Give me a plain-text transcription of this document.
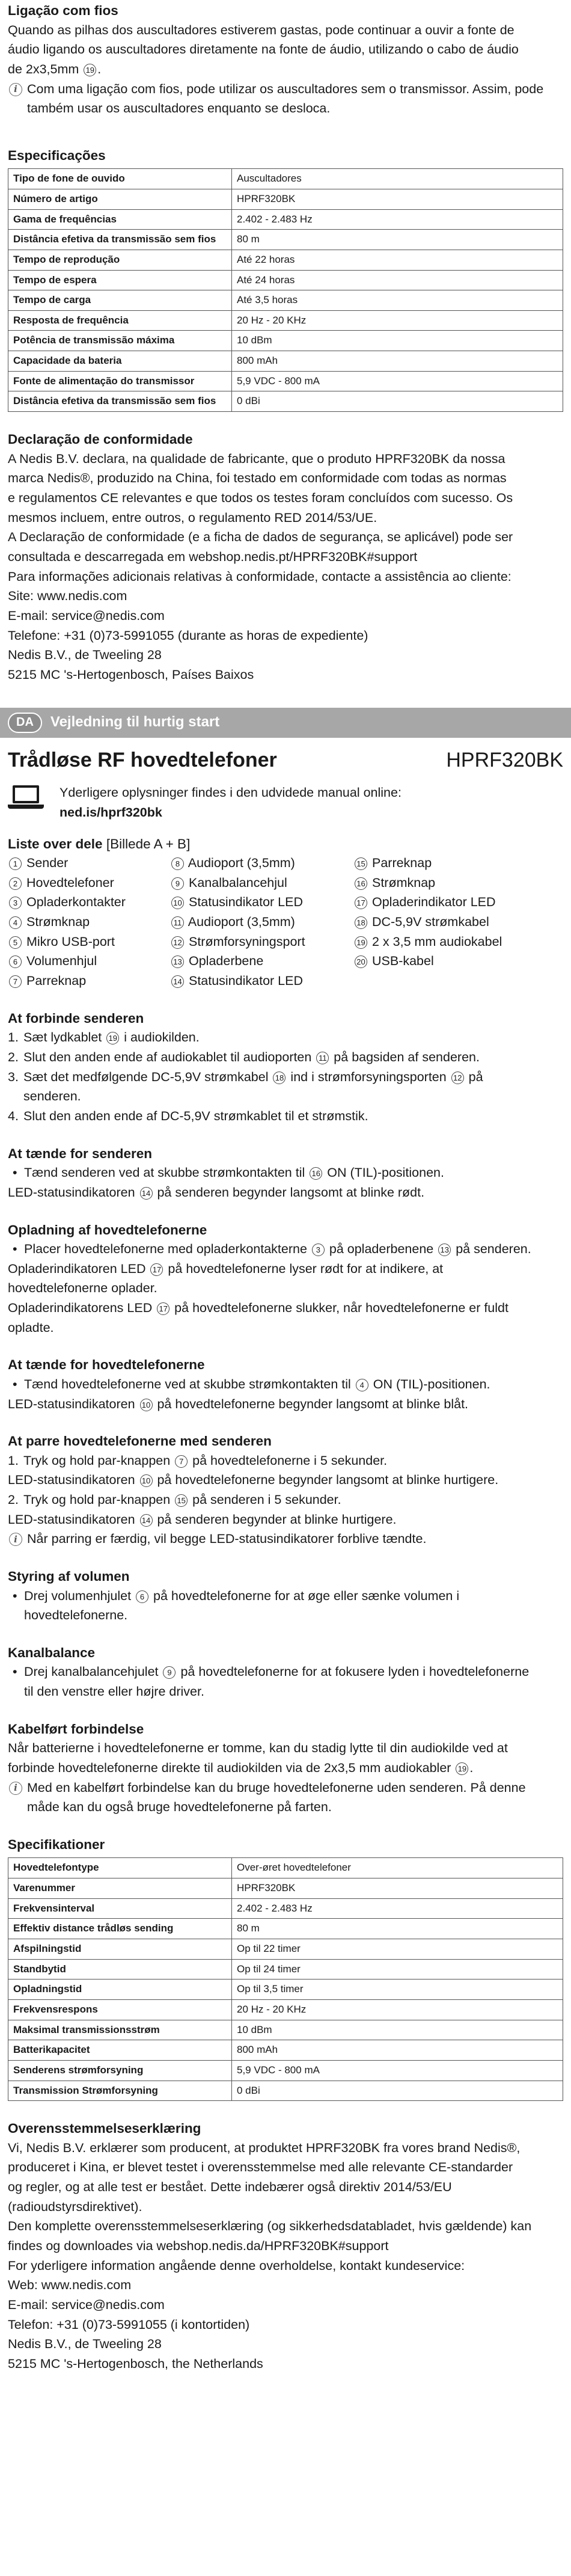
Ligação com fios

Quando as pilhas dos auscultadores estiverem gastas, pode continuar a ouvir a fonte de

áudio ligando os auscultadores diretamente na fonte de áudio, utilizando o cabo de áudio

de 2x3,5mm 19 .

i Com uma ligação com fios, pode utilizar os auscultadores sem o transmissor. Assim, pode

também usar os auscultadores enquanto se desloca.

Especificações
Tipo de fone de ouvido	Auscultadores
Número de artigo	HPRF320BK
Gama de frequências	2.402 - 2.483 Hz
Distância efetiva da transmissão sem fios	80 m
Tempo de reprodução	Até 22 horas
Tempo de espera	Até 24 horas
Tempo de carga	Até 3,5 horas
Resposta de frequência	20 Hz - 20 KHz
Potência de transmissão máxima	10 dBm
Capacidade da bateria	800 mAh
Fonte de alimentação do transmissor	5,9 VDC - 800 mA
Distância efetiva da transmissão sem fios	0 dBi
Declaração de conformidade

A Nedis B.V. declara, na qualidade de fabricante, que o produto HPRF320BK da nossa

marca Nedis®, produzido na China, foi testado em conformidade com todas as normas

e regulamentos CE relevantes e que todos os testes foram concluídos com sucesso. Os

mesmos incluem, entre outros, o regulamento RED 2014/53/UE.

A Declaração de conformidade (e a ficha de dados de segurança, se aplicável) pode ser

consultada e descarregada em webshop.nedis.pt/HPRF320BK#support

Para informações adicionais relativas à conformidade, contacte a assistência ao cliente:

Site: www.nedis.com

E-mail: service@nedis.com

Telefone: +31 (0)73-5991055 (durante as horas de expediente)

Nedis B.V., de Tweeling 28

5215 MC 's-Hertogenbosch, Países Baixos

DA	Vejledning til hurtig start
Trådløse RF hovedtelefoner	HPRF320BK

Yderligere oplysninger findes i den udvidede manual online:

ned.is/hprf320bk

Liste over dele [Billede A + B]
1 Sender	8 Audioport (3,5mm)	15 Parreknap
2 Hovedtelefoner	9 Kanalbalancehjul	16 Strømknap
3 Opladerkontakter	10 Statusindikator LED	17 Opladerindikator LED
4 Strømknap	11 Audioport (3,5mm)	18 DC-5,9V strømkabel
5 Mikro USB-port	12 Strømforsyningsport	19 2 x 3,5 mm audiokabel
6 Volumenhjul	13 Opladerbene	20 USB-kabel
7 Parreknap	14 Statusindikator LED
At forbinde senderen
1. Sæt lydkablet 19 i audiokilden.
2. Slut den anden ende af audiokablet til audioporten 11 på bagsiden af senderen.
3. Sæt det medfølgende DC-5,9V strømkabel 18 ind i strømforsyningsporten 12 på
senderen.
4. Slut den anden ende af DC-5,9V strømkablet til et strømstik.
At tænde for senderen
• Tænd senderen ved at skubbe strømkontakten til 16 ON (TIL)-positionen.

LED-statusindikatoren 14 på senderen begynder langsomt at blinke rødt.

Opladning af hovedtelefonerne
• Placer hovedtelefonerne med opladerkontakterne 3 på opladerbenene 13 på senderen.

Opladerindikatoren LED 17 på hovedtelefonerne lyser rødt for at indikere, at

hovedtelefonerne oplader.

Opladerindikatorens LED 17 på hovedtelefonerne slukker, når hovedtelefonerne er fuldt

opladte.

At tænde for hovedtelefonerne
• Tænd hovedtelefonerne ved at skubbe strømkontakten til 4 ON (TIL)-positionen.

LED-statusindikatoren 10 på hovedtelefonerne begynder langsomt at blinke blåt.

At parre hovedtelefonerne med senderen
1. Tryk og hold par-knappen 7 på hovedtelefonerne i 5 sekunder.

LED-statusindikatoren 10 på hovedtelefonerne begynder langsomt at blinke hurtigere.

2. Tryk og hold par-knappen 15 på senderen i 5 sekunder.

LED-statusindikatoren 14 på senderen begynder at blinke hurtigere.

i Når parring er færdig, vil begge LED-statusindikatorer forblive tændte.

Styring af volumen
• Drej volumenhjulet 6 på hovedtelefonerne for at øge eller sænke volumen i
hovedtelefonerne.
Kanalbalance
• Drej kanalbalancehjulet 9 på hovedtelefonerne for at fokusere lyden i hovedtelefonerne
til den venstre eller højre driver.
Kabelført forbindelse

Når batterierne i hovedtelefonerne er tomme, kan du stadig lytte til din audiokilde ved at

forbinde hovedtelefonerne direkte til audiokilden via de 2x3,5 mm audiokabler 19 .

i Med en kabelført forbindelse kan du bruge hovedtelefonerne uden senderen. På denne

måde kan du også bruge hovedtelefonerne på farten.

Specifikationer
Hovedtelefontype	Over-øret hovedtelefoner
Varenummer	HPRF320BK
Frekvensinterval	2.402 - 2.483 Hz
Effektiv distance trådløs sending	80 m
Afspilningstid	Op til 22 timer
Standbytid	Op til 24 timer
Opladningstid	Op til 3,5 timer
Frekvensrespons	20 Hz - 20 KHz
Maksimal transmissionsstrøm	10 dBm
Batterikapacitet	800 mAh
Senderens strømforsyning	5,9 VDC - 800 mA
Transmission Strømforsyning	0 dBi
Overensstemmelseserklæring

Vi, Nedis B.V. erklærer som producent, at produktet HPRF320BK fra vores brand Nedis®,

produceret i Kina, er blevet testet i overensstemmelse med alle relevante CE-standarder

og regler, og at alle test er bestået. Dette indebærer også direktiv 2014/53/EU

(radioudstyrsdirektivet).

Den komplette overensstemmelseserklæring (og sikkerhedsdatabladet, hvis gældende) kan

findes og downloades via webshop.nedis.da/HPRF320BK#support

For yderligere information angående denne overholdelse, kontakt kundeservice:

Web: www.nedis.com

E-mail: service@nedis.com

Telefon: +31 (0)73-5991055 (i kontortiden)

Nedis B.V., de Tweeling 28

5215 MC 's-Hertogenbosch, the Netherlands
